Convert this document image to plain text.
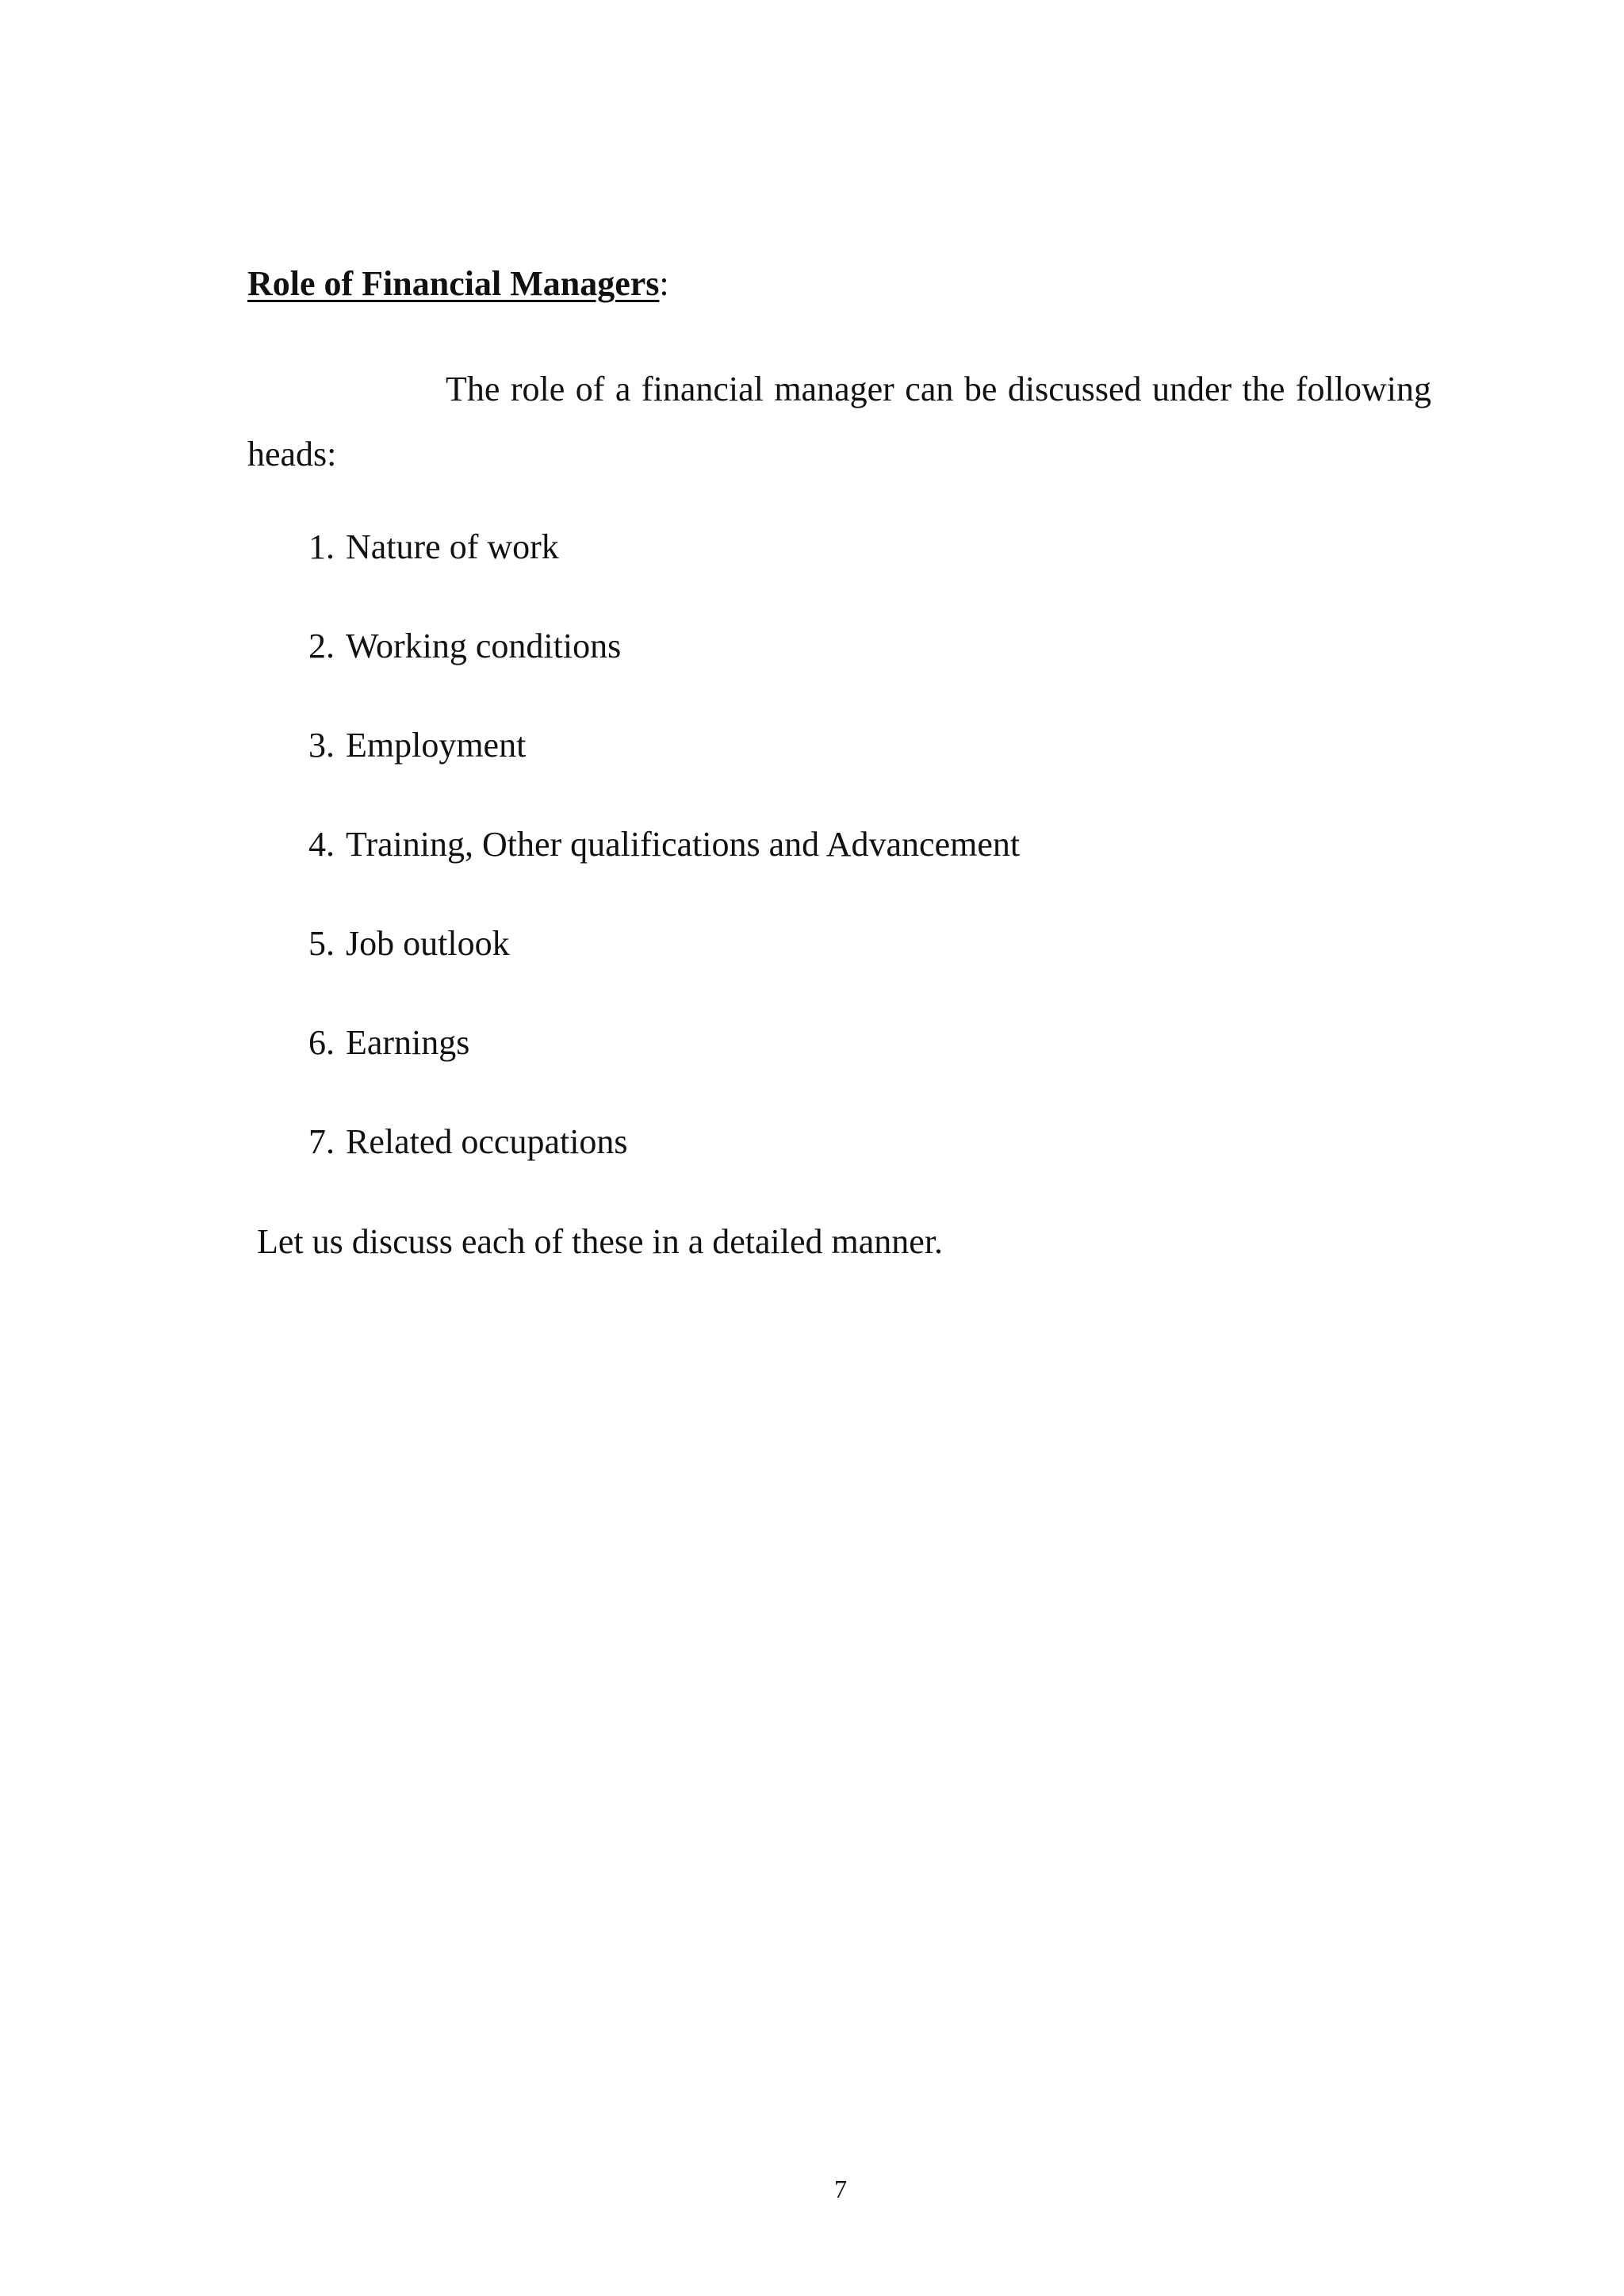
Role of Financial Managers:

The role of a financial manager can be discussed under the following heads:

1. Nature of work
2. Working conditions
3. Employment
4. Training, Other qualifications and Advancement
5. Job outlook
6. Earnings
7. Related occupations

Let us discuss each of these in a detailed manner.

7
